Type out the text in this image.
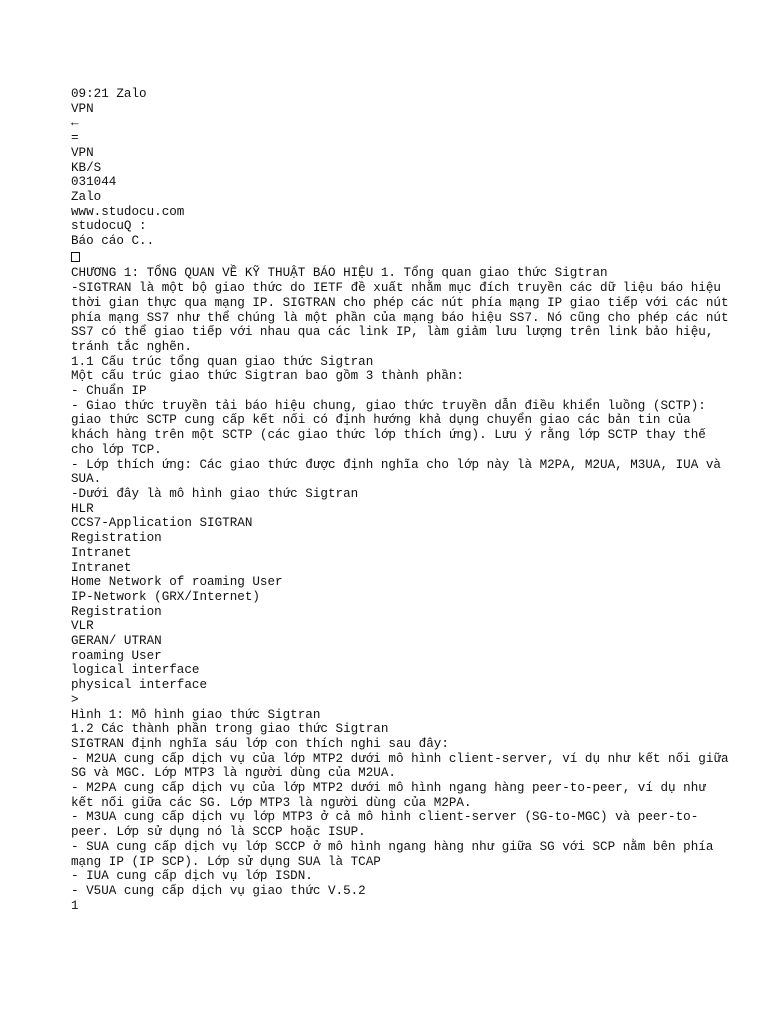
09:21 Zalo
VPN
←
=
VPN
KB/S
031044
Zalo
www.studocu.com
studocuQ :
Báo cáo C..
CHƯƠNG 1: TỔNG QUAN VỀ KỸ THUẬT BÁO HIỆU 1. Tổng quan giao thức Sigtran
-SIGTRAN là một bộ giao thức do IETF đề xuất nhằm mục đích truyền các dữ liệu báo hiệu thời gian thực qua mạng IP. SIGTRAN cho phép các nút phía mạng IP giao tiếp với các nút phía mạng SS7 như thể chúng là một phần của mạng báo hiệu SS7. Nó cũng cho phép các nút SS7 có thể giao tiếp với nhau qua các link IP, làm giảm lưu lượng trên link bảo hiệu, tránh tắc nghẽn.
1.1 Cấu trúc tổng quan giao thức Sigtran
Một cấu trúc giao thức Sigtran bao gồm 3 thành phần:
- Chuẩn IP
- Giao thức truyền tải báo hiệu chung, giao thức truyền dẫn điều khiển luồng (SCTP): giao thức SCTP cung cấp kết nối có định hướng khả dụng chuyển giao các bản tin của khách hàng trên một SCTP (các giao thức lớp thích ứng). Lưu ý rằng lớp SCTP thay thế cho lớp TCP.
- Lớp thích ứng: Các giao thức được định nghĩa cho lớp này là M2PA, M2UA, M3UA, IUA và SUA.
-Dưới đây là mô hình giao thức Sigtran
HLR
CCS7-Application SIGTRAN
Registration
Intranet
Intranet
Home Network of roaming User
IP-Network (GRX/Internet)
Registration
VLR
GERAN/ UTRAN
roaming User
logical interface
physical interface
>
Hình 1: Mô hình giao thức Sigtran
1.2 Các thành phần trong giao thức Sigtran
SIGTRAN định nghĩa sáu lớp con thích nghi sau đây:
- M2UA cung cấp dịch vụ của lớp MTP2 dưới mô hình client-server, ví dụ như kết nối giữa SG và MGC. Lớp MTP3 là người dùng của M2UA.
- M2PA cung cấp dịch vụ của lớp MTP2 dưới mô hình ngang hàng peer-to-peer, ví dụ như kết nối giữa các SG. Lớp MTP3 là người dùng của M2PA.
- M3UA cung cấp dịch vụ lớp MTP3 ở cả mô hình client-server (SG-to-MGC) và peer-to-peer. Lớp sử dụng nó là SCCP hoặc ISUP.
- SUA cung cấp dịch vụ lớp SCCP ở mô hình ngang hàng như giữa SG với SCP nằm bên phía mạng IP (IP SCP). Lớp sử dụng SUA là TCAP
- IUA cung cấp dịch vụ lớp ISDN.
- V5UA cung cấp dịch vụ giao thức V.5.2
1
